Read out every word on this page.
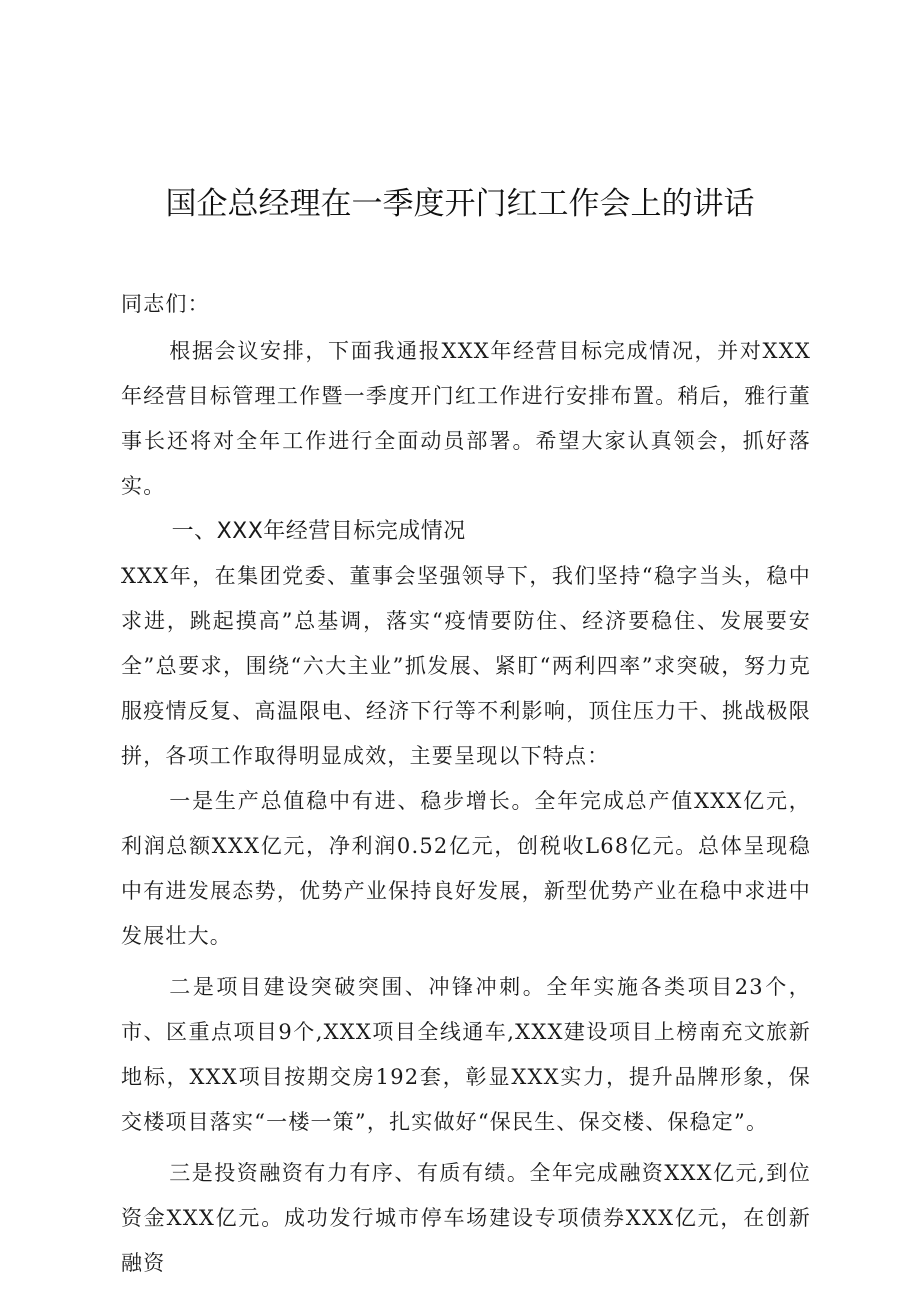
国企总经理在一季度开门红工作会上的讲话

同志们：

根据会议安排，下面我通报XXX年经营目标完成情况，并对XXX年经营目标管理工作暨一季度开门红工作进行安排布置。稍后，雅行董事长还将对全年工作进行全面动员部署。希望大家认真领会，抓好落实。

一、XXX年经营目标完成情况

XXX年，在集团党委、董事会坚强领导下，我们坚持“稳字当头，稳中求进，跳起摸高”总基调，落实“疫情要防住、经济要稳住、发展要安全”总要求，围绕“六大主业”抓发展、紧盯“两利四率”求突破，努力克服疫情反复、高温限电、经济下行等不利影响，顶住压力干、挑战极限拼，各项工作取得明显成效，主要呈现以下特点：

一是生产总值稳中有进、稳步增长。全年完成总产值XXX亿元，利润总额XXX亿元，净利润0.52亿元，创税收L68亿元。总体呈现稳中有进发展态势，优势产业保持良好发展，新型优势产业在稳中求进中发展壮大。

二是项目建设突破突围、冲锋冲刺。全年实施各类项目23个，市、区重点项目9个,XXX项目全线通车,XXX建设项目上榜南充文旅新地标，XXX项目按期交房192套，彰显XXX实力，提升品牌形象，保交楼项目落实“一楼一策”，扎实做好“保民生、保交楼、保稳定”。

三是投资融资有力有序、有质有绩。全年完成融资XXX亿元,到位资金XXX亿元。成功发行城市停车场建设专项债券XXX亿元，在创新融资
